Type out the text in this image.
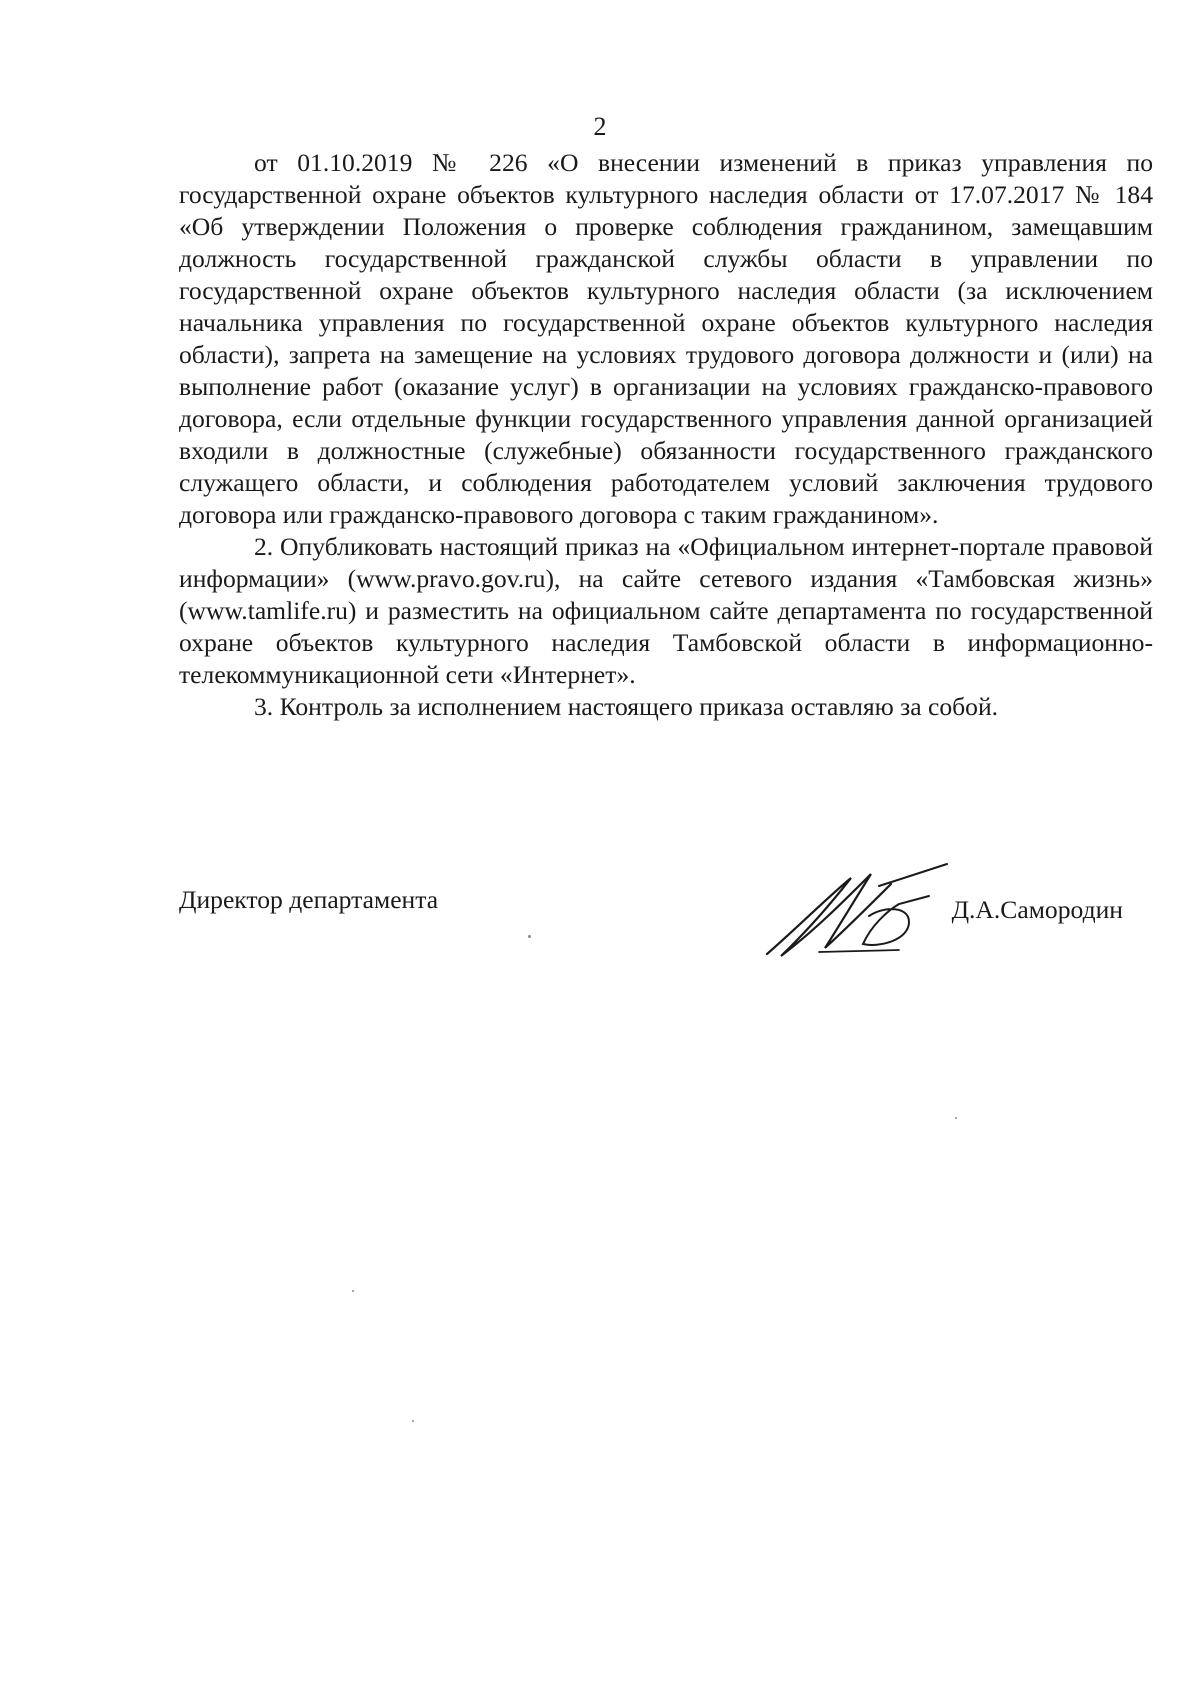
2

от 01.10.2019 № 226 «О внесении изменений в приказ управления по государственной охране объектов культурного наследия области от 17.07.2017 № 184 «Об утверждении Положения о проверке соблюдения гражданином, замещавшим должность государственной гражданской службы области в управлении по государственной охране объектов культурного наследия области (за исключением начальника управления по государственной охране объектов культурного наследия области), запрета на замещение на условиях трудового договора должности и (или) на выполнение работ (оказание услуг) в организации на условиях гражданско-правового договора, если отдельные функции государственного управления данной организацией входили в должностные (служебные) обязанности государственного гражданского служащего области, и соблюдения работодателем условий заключения трудового договора или гражданско-правового договора с таким гражданином».

2. Опубликовать настоящий приказ на «Официальном интернет-портале правовой информации» (www.pravo.gov.ru), на сайте сетевого издания «Тамбовская жизнь» (www.tamlife.ru) и разместить на официальном сайте департамента по государственной охране объектов культурного наследия Тамбовской области в информационно-телекоммуникационной сети «Интернет».

3. Контроль за исполнением настоящего приказа оставляю за собой.

Директор департамента	Д.А.Самородин
